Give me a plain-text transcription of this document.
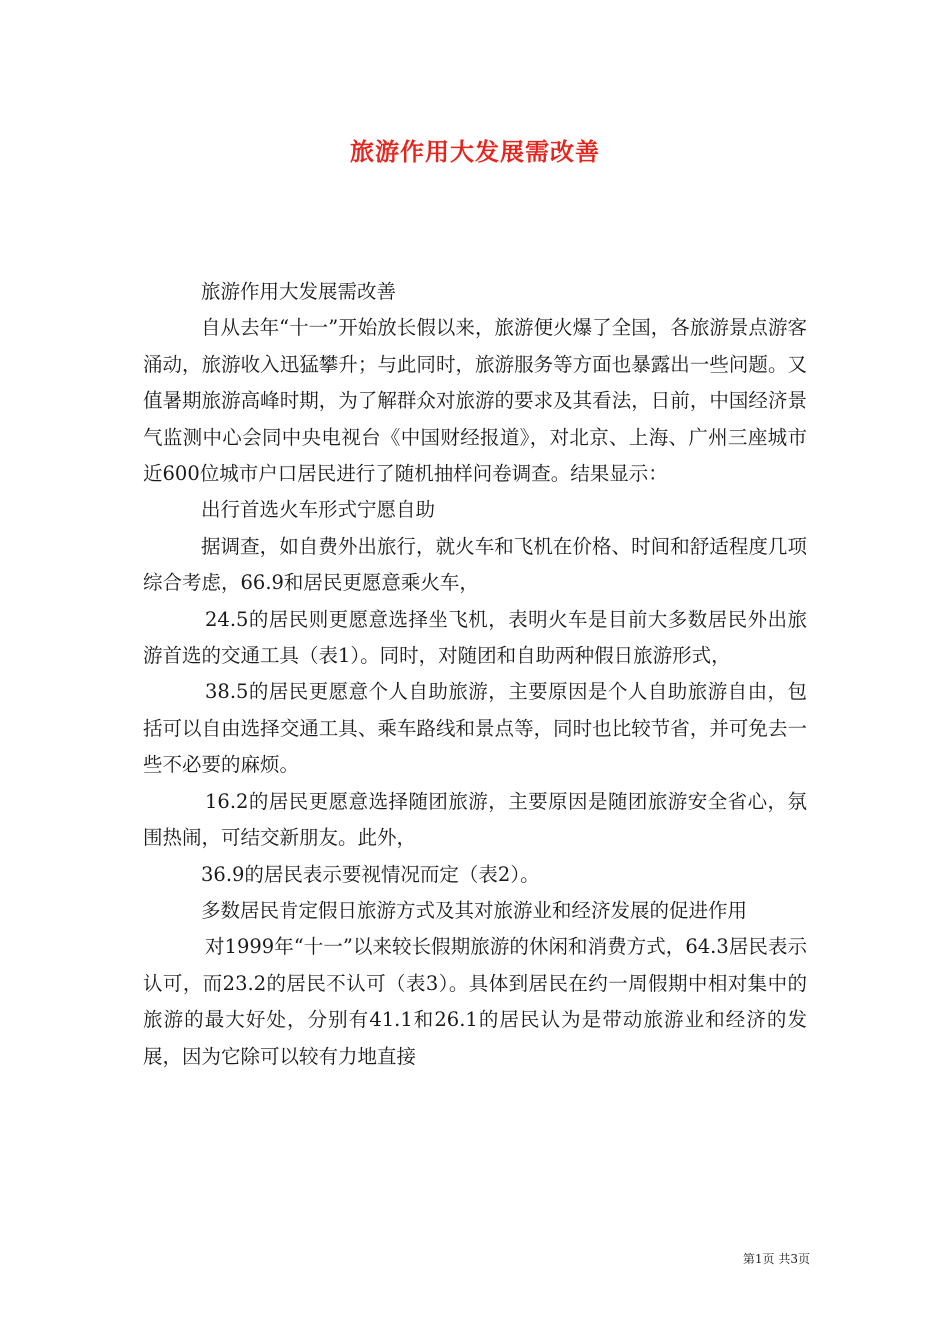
旅游作用大发展需改善

旅游作用大发展需改善

自从去年“十一”开始放长假以来，旅游便火爆了全国，各旅游景点游客涌动，旅游收入迅猛攀升；与此同时，旅游服务等方面也暴露出一些问题。又值暑期旅游高峰时期，为了解群众对旅游的要求及其看法，日前，中国经济景气监测中心会同中央电视台《中国财经报道》，对北京、上海、广州三座城市近600位城市户口居民进行了随机抽样问卷调查。结果显示：

出行首选火车形式宁愿自助

据调查，如自费外出旅行，就火车和飞机在价格、时间和舒适程度几项综合考虑，66.9和居民更愿意乘火车，

24.5的居民则更愿意选择坐飞机，表明火车是目前大多数居民外出旅游首选的交通工具（表1）。同时，对随团和自助两种假日旅游形式，

38.5的居民更愿意个人自助旅游，主要原因是个人自助旅游自由，包括可以自由选择交通工具、乘车路线和景点等，同时也比较节省，并可免去一些不必要的麻烦。

16.2的居民更愿意选择随团旅游，主要原因是随团旅游安全省心，氛围热闹，可结交新朋友。此外，

36.9的居民表示要视情况而定（表2）。

多数居民肯定假日旅游方式及其对旅游业和经济发展的促进作用

对1999年“十一”以来较长假期旅游的休闲和消费方式，64.3居民表示认可，而23.2的居民不认可（表3）。具体到居民在约一周假期中相对集中的旅游的最大好处，分别有41.1和26.1的居民认为是带动旅游业和经济的发展，因为它除可以较有力地直接

第1页 共3页
